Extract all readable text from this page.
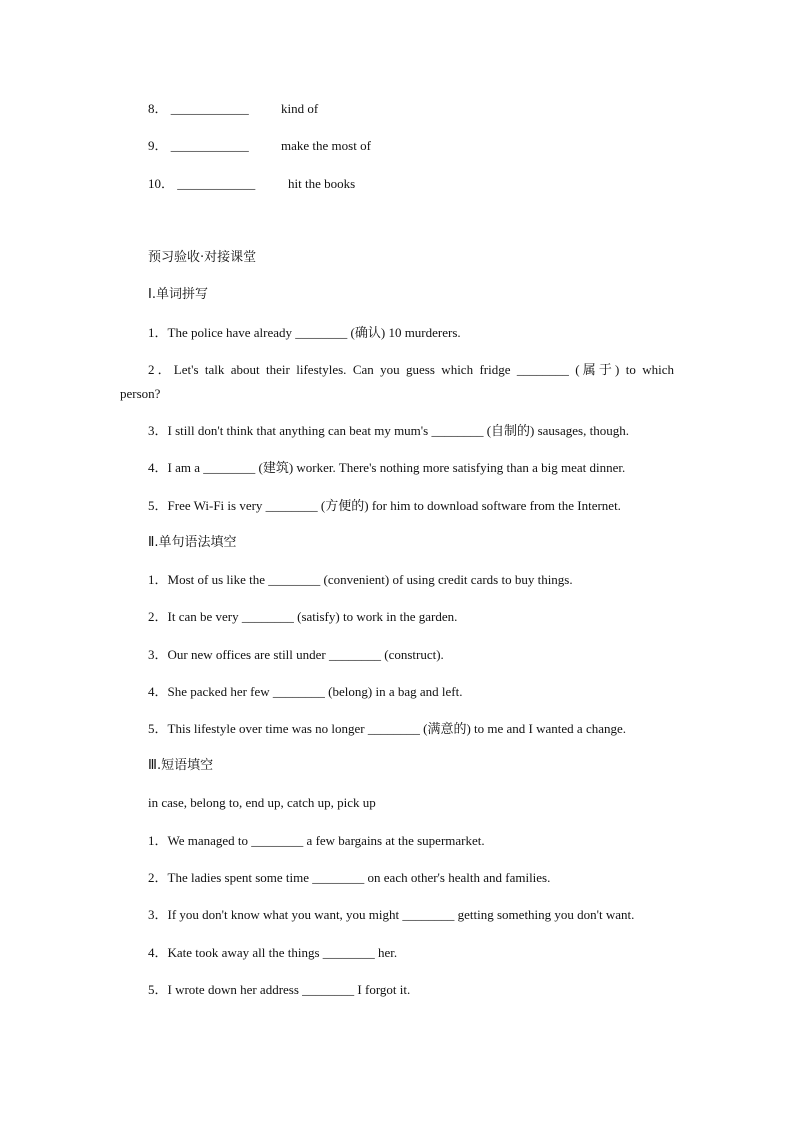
8． ____________ kind of
9． ____________ make the most of
10． ____________	hit the books
预习验收·对接课堂
Ⅰ.单词拼写
1．The police have already ________ (确认) 10 murderers.
2．Let's talk about their lifestyles. Can you guess which fridge ________ (属于) to which
person?
3．I still don't think that anything can beat my mum's ________ (自制的) sausages, though.
4．I am a ________ (建筑) worker. There's nothing more satisfying than a big meat dinner.
5．Free Wi-Fi is very ________ (方便的) for him to download software from the Internet.
Ⅱ.单句语法填空
1．Most of us like the ________ (convenient) of using credit cards to buy things.
2．It can be very ________ (satisfy) to work in the garden.
3．Our new offices are still under ________ (construct).
4．She packed her few ________ (belong) in a bag and left.
5．This lifestyle over time was no longer ________ (满意的) to me and I wanted a change.
Ⅲ.短语填空
in case, belong to, end up, catch up, pick up
1．We managed to ________ a few bargains at the supermarket.
2．The ladies spent some time ________ on each other's health and families.
3．If you don't know what you want, you might ________ getting something you don't want.
4．Kate took away all the things ________ her.
5．I wrote down her address ________ I forgot it.
